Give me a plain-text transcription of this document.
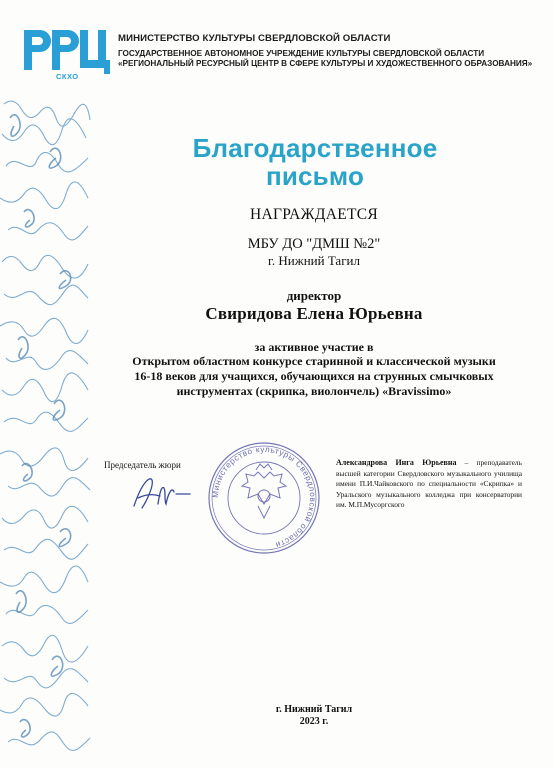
СКХО
МИНИСТЕРСТВО КУЛЬТУРЫ СВЕРДЛОВСКОЙ ОБЛАСТИ
ГОСУДАРСТВЕННОЕ АВТОНОМНОЕ УЧРЕЖДЕНИЕ КУЛЬТУРЫ СВЕРДЛОВСКОЙ ОБЛАСТИ
«РЕГИОНАЛЬНЫЙ РЕСУРСНЫЙ ЦЕНТР В СФЕРЕ КУЛЬТУРЫ И ХУДОЖЕСТВЕННОГО ОБРАЗОВАНИЯ»
Благодарственное
письмо
НАГРАЖДАЕТСЯ
МБУ ДО "ДМШ №2"
г. Нижний Тагил
директор
Свиридова Елена Юрьевна
за активное участие в
Открытом областном конкурсе старинной и классической музыки
16-18 веков для учащихся, обучающихся на струнных смычковых
инструментах (скрипка, виолончель) «Bravissimo»
Председатель жюри
Министерство культуры Свердловской области
Александрова Инга Юрьевна – преподаватель высшей категории Свердловского музыкального училища имени П.И.Чайковского по специальности «Скрипка» и Уральского музыкального колледжа при консерватории им. М.П.Мусоргского
г. Нижний Тагил
2023 г.
